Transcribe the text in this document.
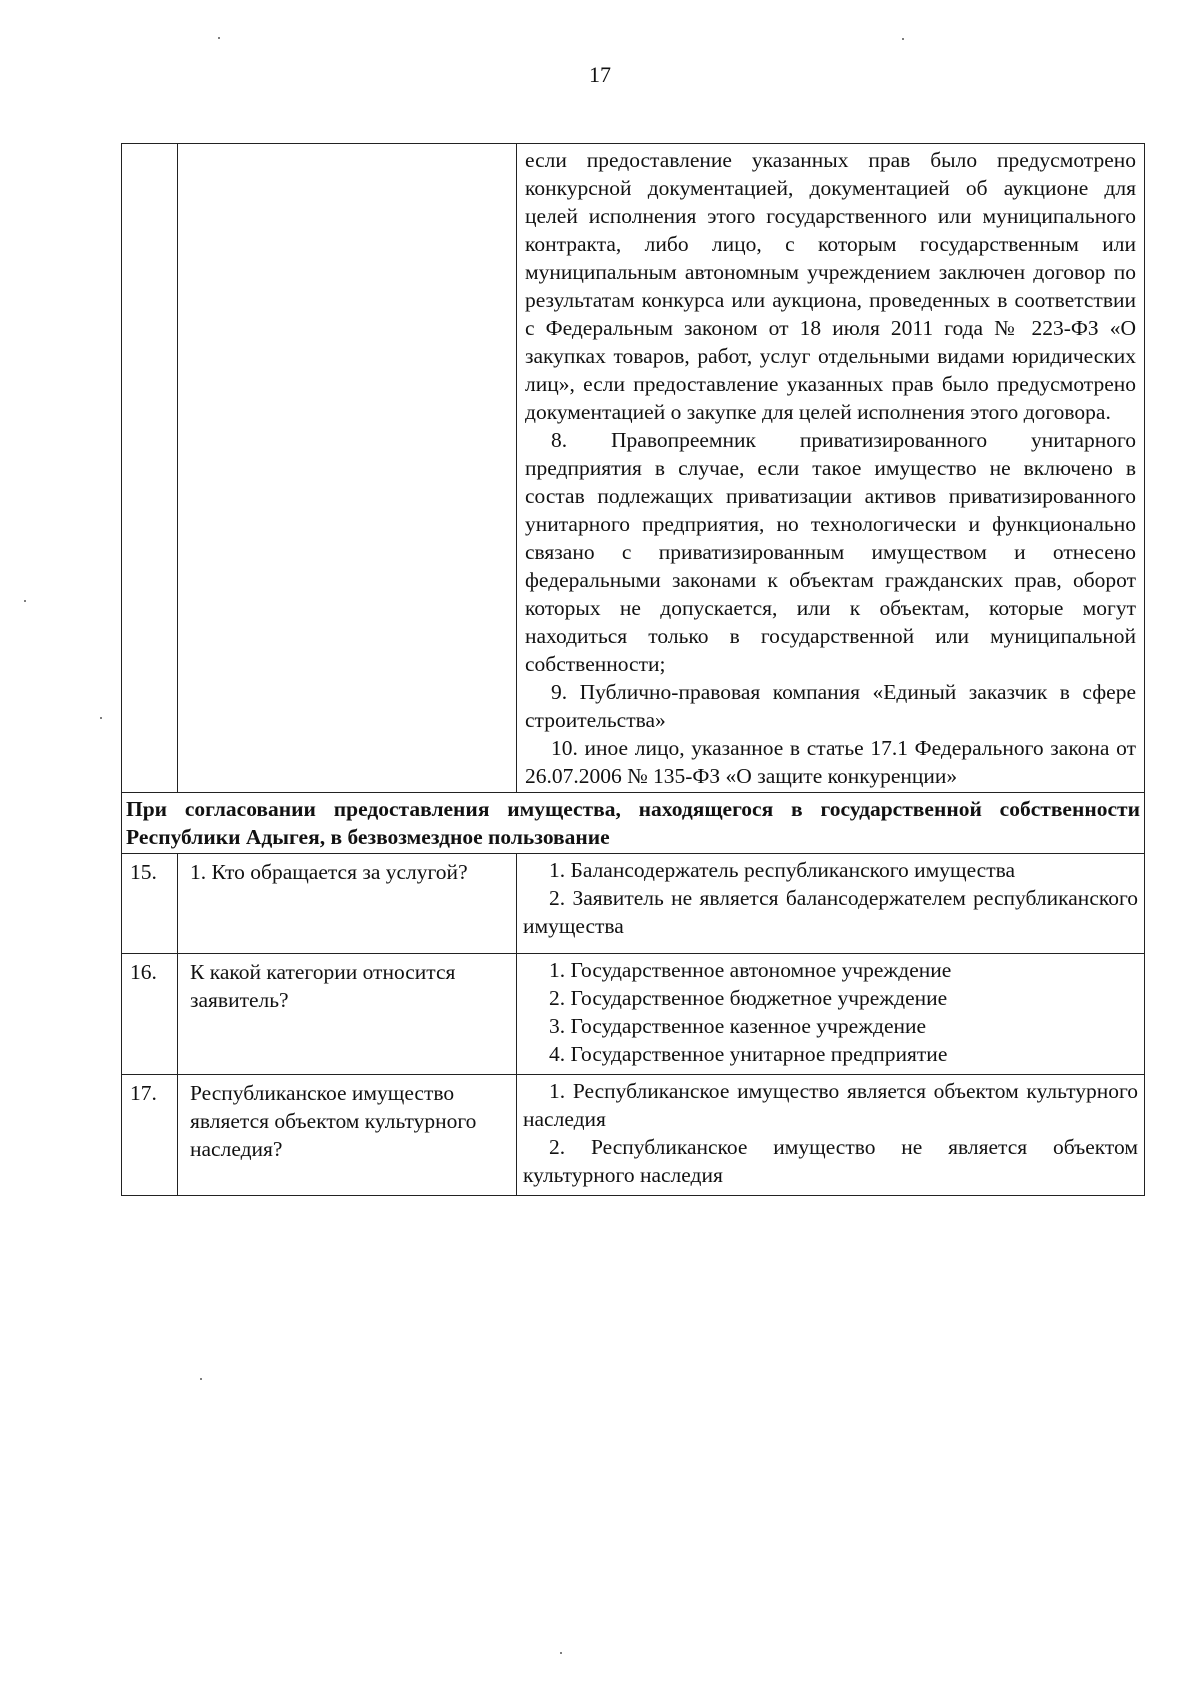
17

		если предоставление указанных прав было предусмотрено конкурсной документацией, документацией об аукционе для целей исполнения этого государственного или муниципального контракта, либо лицо, с которым государственным или муниципальным автономным учреждением заключен договор по результатам конкурса или аукциона, проведенных в соответствии с Федеральным законом от 18 июля 2011 года № 223-ФЗ «О закупках товаров, работ, услуг отдельными видами юридических лиц», если предоставление указанных прав было предусмотрено документацией о закупке для целей исполнения этого договора.

8. Правопреемник приватизированного унитарного предприятия в случае, если такое имущество не включено в состав подлежащих приватизации активов приватизированного унитарного предприятия, но технологически и функционально связано с приватизированным имуществом и отнесено федеральными законами к объектам гражданских прав, оборот которых не допускается, или к объектам, которые могут находиться только в государственной или муниципальной собственности;

9. Публично-правовая компания «Единый заказчик в сфере строительства»

10. иное лицо, указанное в статье 17.1 Федерального закона от 26.07.2006 № 135-ФЗ «О защите конкуренции»

При согласовании предоставления имущества, находящегося в государственной собственности Республики Адыгея, в безвозмездное пользование		
15.	1. Кто обращается за услугой?	1. Балансодержатель республиканского имущества

2. Заявитель не является балансодержателем республиканского имущества

16.	К какой категории относится заявитель?	1. Государственное автономное учреждение

2. Государственное бюджетное учреждение

3. Государственное казенное учреждение

4. Государственное унитарное предприятие

17.	Республиканское имущество является объектом культурного наследия?	1. Республиканское имущество является объектом культурного наследия

2. Республиканское имущество не является объектом культурного наследия
